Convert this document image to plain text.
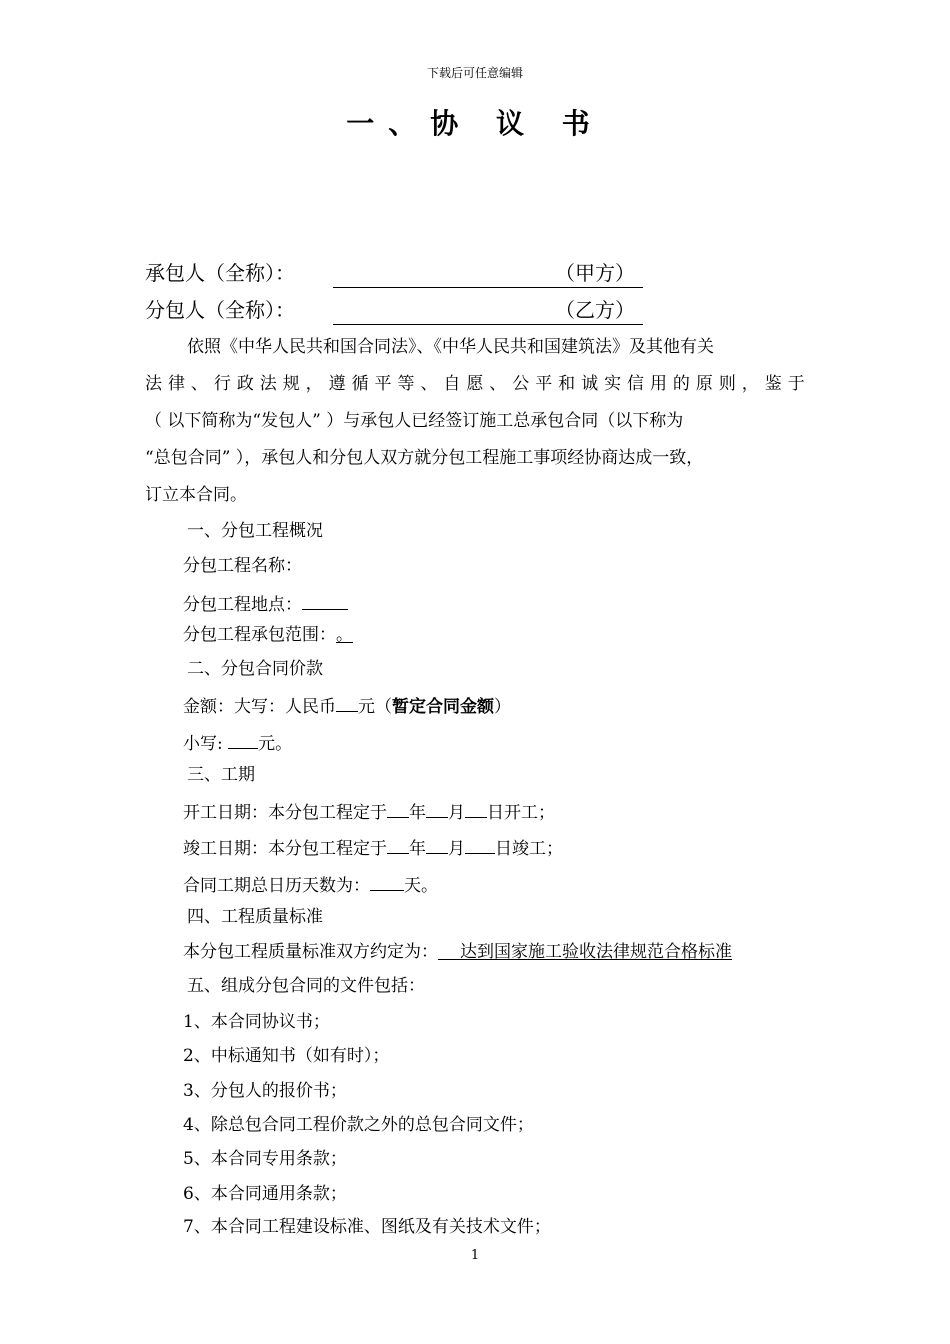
下载后可任意编辑
一、协 议 书
承包人（全称）：	（甲方）
分包人（全称）：	（乙方）
依照《中华人民共和国合同法》、《中华人民共和国建筑法》及其他有关
法 律 、 行 政 法 规 ， 遵 循 平 等 、 自 愿 、 公 平 和 诚 实 信 用 的 原 则 ， 鉴 于
（ 以下简称为“发包人” ）与承包人已经签订施工总承包合同（以下称为
“总包合同” ），承包人和分包人双方就分包工程施工事项经协商达成一致，
订立本合同。
一、分包工程概况
分包工程名称：
分包工程地点：
分包工程承包范围：。
二、分包合同价款
金额：大写：人民币 元（暂定合同金额）
小写: 元。
三、工期
开工日期：本分包工程定于 年 月 日开工；
竣工日期：本分包工程定于 年 月 日竣工；
合同工期总日历天数为： 天。
四、工程质量标准
本分包工程质量标准双方约定为： 达到国家施工验收法律规范合格标准
五、组成分包合同的文件包括：
1、本合同协议书；
2、中标通知书（如有时）；
3、分包人的报价书；
4、除总包合同工程价款之外的总包合同文件；
5、本合同专用条款；
6、本合同通用条款；
7、本合同工程建设标准、图纸及有关技术文件；
1
